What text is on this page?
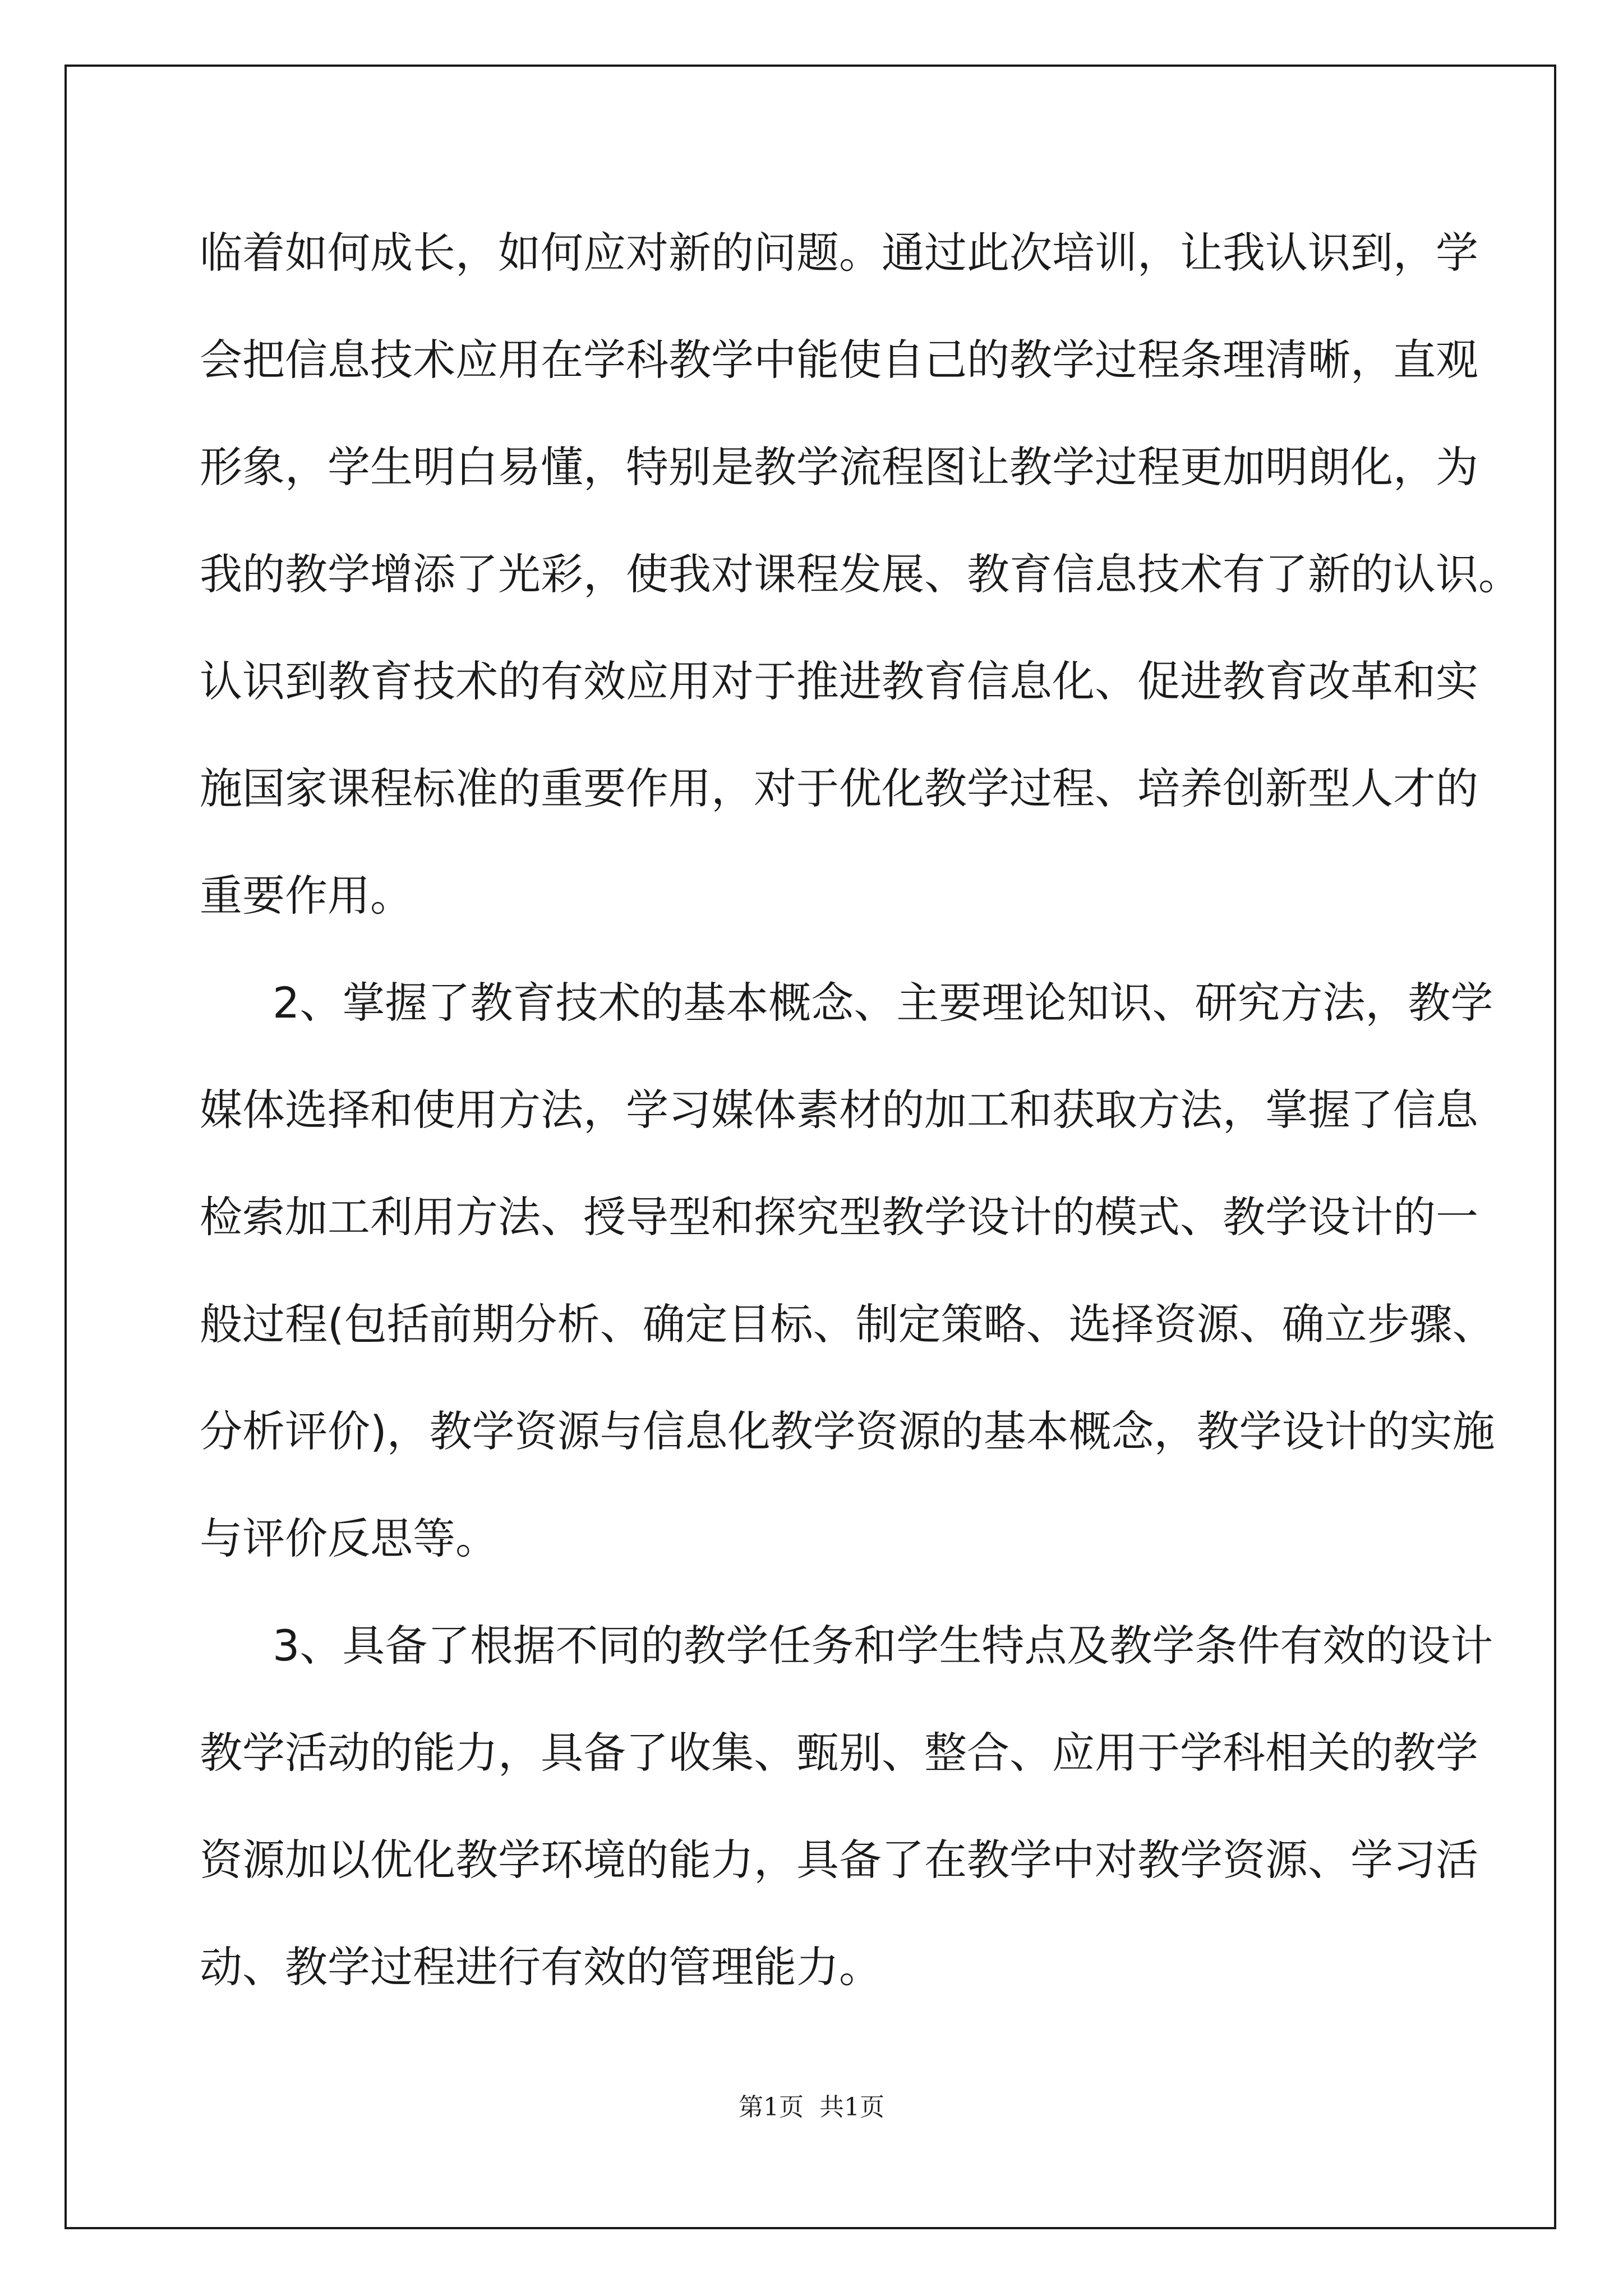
临着如何成长，如何应对新的问题。通过此次培训，让我认识到，学
会把信息技术应用在学科教学中能使自己的教学过程条理清晰，直观
形象，学生明白易懂，特别是教学流程图让教学过程更加明朗化，为
我的教学增添了光彩，使我对课程发展、教育信息技术有了新的认识。
认识到教育技术的有效应用对于推进教育信息化、促进教育改革和实
施国家课程标准的重要作用，对于优化教学过程、培养创新型人才的
重要作用。
2、掌握了教育技术的基本概念、主要理论知识、研究方法，教学
媒体选择和使用方法，学习媒体素材的加工和获取方法，掌握了信息
检索加工利用方法、授导型和探究型教学设计的模式、教学设计的一
般过程(包括前期分析、确定目标、制定策略、选择资源、确立步骤、
分析评价)，教学资源与信息化教学资源的基本概念，教学设计的实施
与评价反思等。
3、具备了根据不同的教学任务和学生特点及教学条件有效的设计
教学活动的能力，具备了收集、甄别、整合、应用于学科相关的教学
资源加以优化教学环境的能力，具备了在教学中对教学资源、学习活
动、教学过程进行有效的管理能力。
第1页  共1页
